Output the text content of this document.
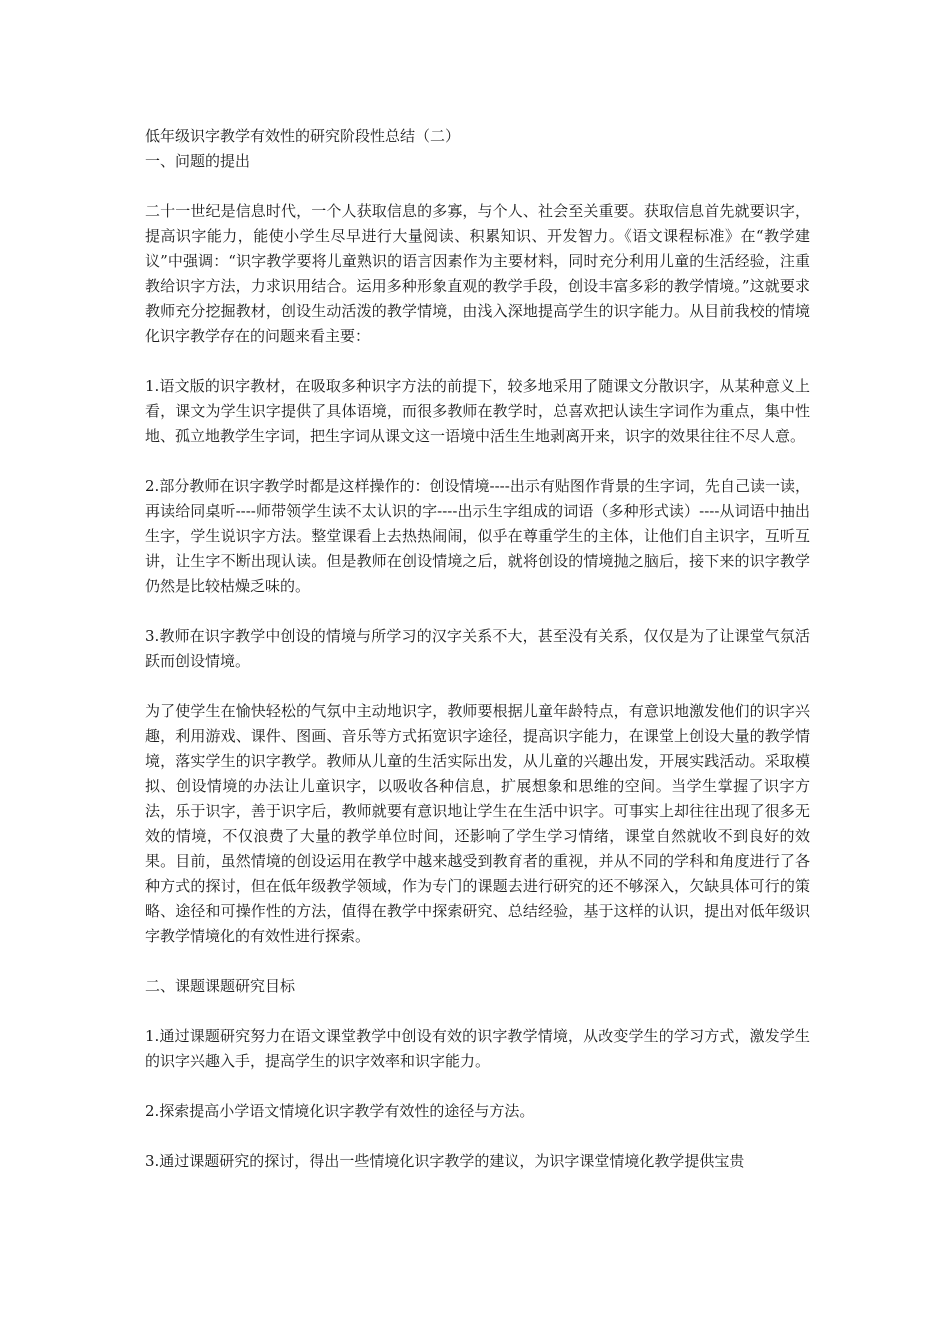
低年级识字教学有效性的研究阶段性总结（二）

一、问题的提出

二十一世纪是信息时代，一个人获取信息的多寡，与个人、社会至关重要。获取信息首先就要识字，提高识字能力，能使小学生尽早进行大量阅读、积累知识、开发智力。《语文课程标准》在“教学建议”中强调：“识字教学要将儿童熟识的语言因素作为主要材料，同时充分利用儿童的生活经验，注重教给识字方法，力求识用结合。运用多种形象直观的教学手段，创设丰富多彩的教学情境。”这就要求教师充分挖掘教材，创设生动活泼的教学情境，由浅入深地提高学生的识字能力。从目前我校的情境化识字教学存在的问题来看主要：

1.语文版的识字教材，在吸取多种识字方法的前提下，较多地采用了随课文分散识字，从某种意义上看，课文为学生识字提供了具体语境，而很多教师在教学时，总喜欢把认读生字词作为重点，集中性地、孤立地教学生字词，把生字词从课文这一语境中活生生地剥离开来，识字的效果往往不尽人意。

2.部分教师在识字教学时都是这样操作的：创设情境----出示有贴图作背景的生字词，先自己读一读，再读给同桌听----师带领学生读不太认识的字----出示生字组成的词语（多种形式读）----从词语中抽出生字，学生说识字方法。整堂课看上去热热闹闹，似乎在尊重学生的主体，让他们自主识字，互听互讲，让生字不断出现认读。但是教师在创设情境之后，就将创设的情境抛之脑后，接下来的识字教学仍然是比较枯燥乏味的。

3.教师在识字教学中创设的情境与所学习的汉字关系不大，甚至没有关系，仅仅是为了让课堂气氛活跃而创设情境。

为了使学生在愉快轻松的气氛中主动地识字，教师要根据儿童年龄特点，有意识地激发他们的识字兴趣，利用游戏、课件、图画、音乐等方式拓宽识字途径，提高识字能力，在课堂上创设大量的教学情境，落实学生的识字教学。教师从儿童的生活实际出发，从儿童的兴趣出发，开展实践活动。采取模拟、创设情境的办法让儿童识字，以吸收各种信息，扩展想象和思维的空间。当学生掌握了识字方法，乐于识字，善于识字后，教师就要有意识地让学生在生活中识字。可事实上却往往出现了很多无效的情境，不仅浪费了大量的教学单位时间，还影响了学生学习情绪，课堂自然就收不到良好的效果。目前，虽然情境的创设运用在教学中越来越受到教育者的重视，并从不同的学科和角度进行了各种方式的探讨，但在低年级教学领域，作为专门的课题去进行研究的还不够深入，欠缺具体可行的策略、途径和可操作性的方法，值得在教学中探索研究、总结经验，基于这样的认识，提出对低年级识字教学情境化的有效性进行探索。

二、课题课题研究目标

1.通过课题研究努力在语文课堂教学中创设有效的识字教学情境，从改变学生的学习方式，激发学生的识字兴趣入手，提高学生的识字效率和识字能力。

2.探索提高小学语文情境化识字教学有效性的途径与方法。

3.通过课题研究的探讨，得出一些情境化识字教学的建议，为识字课堂情境化教学提供宝贵
